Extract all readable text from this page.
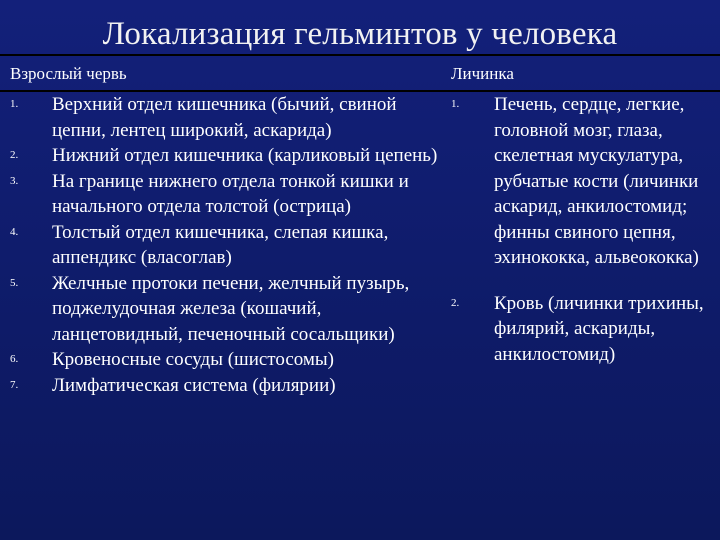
Локализация гельминтов у человека
Взрослый червь	Личинка
1. Верхний отдел кишечника (бычий, свиной цепни, лентец широкий, аскарида)
2. Нижний отдел кишечника (карликовый цепень)
3. На границе нижнего отдела тонкой кишки и начального отдела толстой (острица)
4. Толстый отдел кишечника, слепая кишка, аппендикс (власоглав)
5. Желчные протоки печени, желчный пузырь, поджелудочная железа (кошачий, ланцетовидный, печеночный сосальщики)
6. Кровеносные сосуды (шистосомы)
7. Лимфатическая система (филярии)
1. Печень, сердце, легкие, головной мозг, глаза, скелетная мускулатура, рубчатые кости (личинки аскарид, анкилостомид; финны свиного цепня, эхинококка, альвеококка)
2. Кровь (личинки трихины, филярий, аскариды, анкилостомид)
